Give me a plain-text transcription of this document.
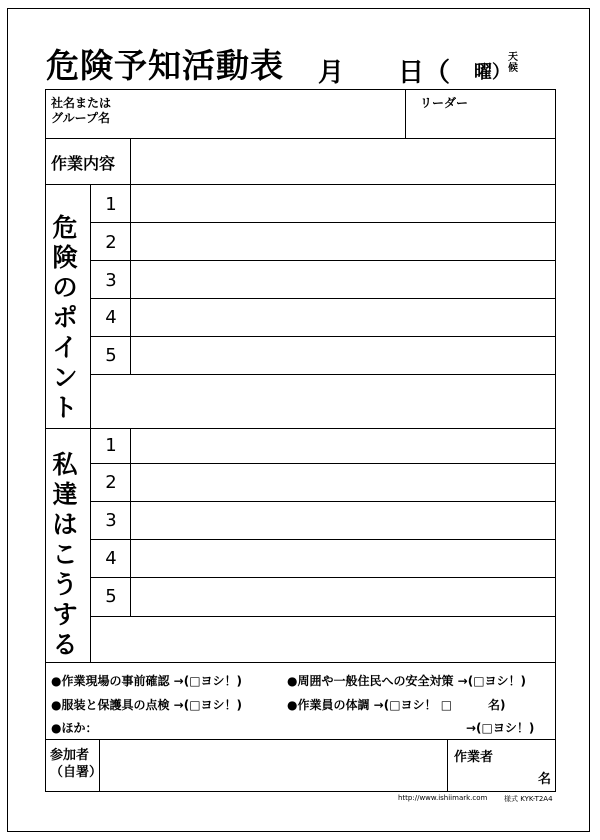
危険予知活動表 月 日（ 曜）
天
候
社名または
グループ名
リーダー
作業内容
危
険
の
ポ
イ
ン
ト
1
2
3
4
5
私
達
は
こ
う
す
る
1
2
3
4
5
●作業現場の事前確認 →(□ヨシ！)	●周囲や一般住民への安全対策 →(□ヨシ！)
●服装と保護具の点検 →(□ヨシ！)	●作業員の体調 →(□ヨシ！ □　　　名)
●ほか：	→(□ヨシ！)
参加者
（自署）
作業者
名
http://www.ishiimark.com 様式 KYK-T2A4
